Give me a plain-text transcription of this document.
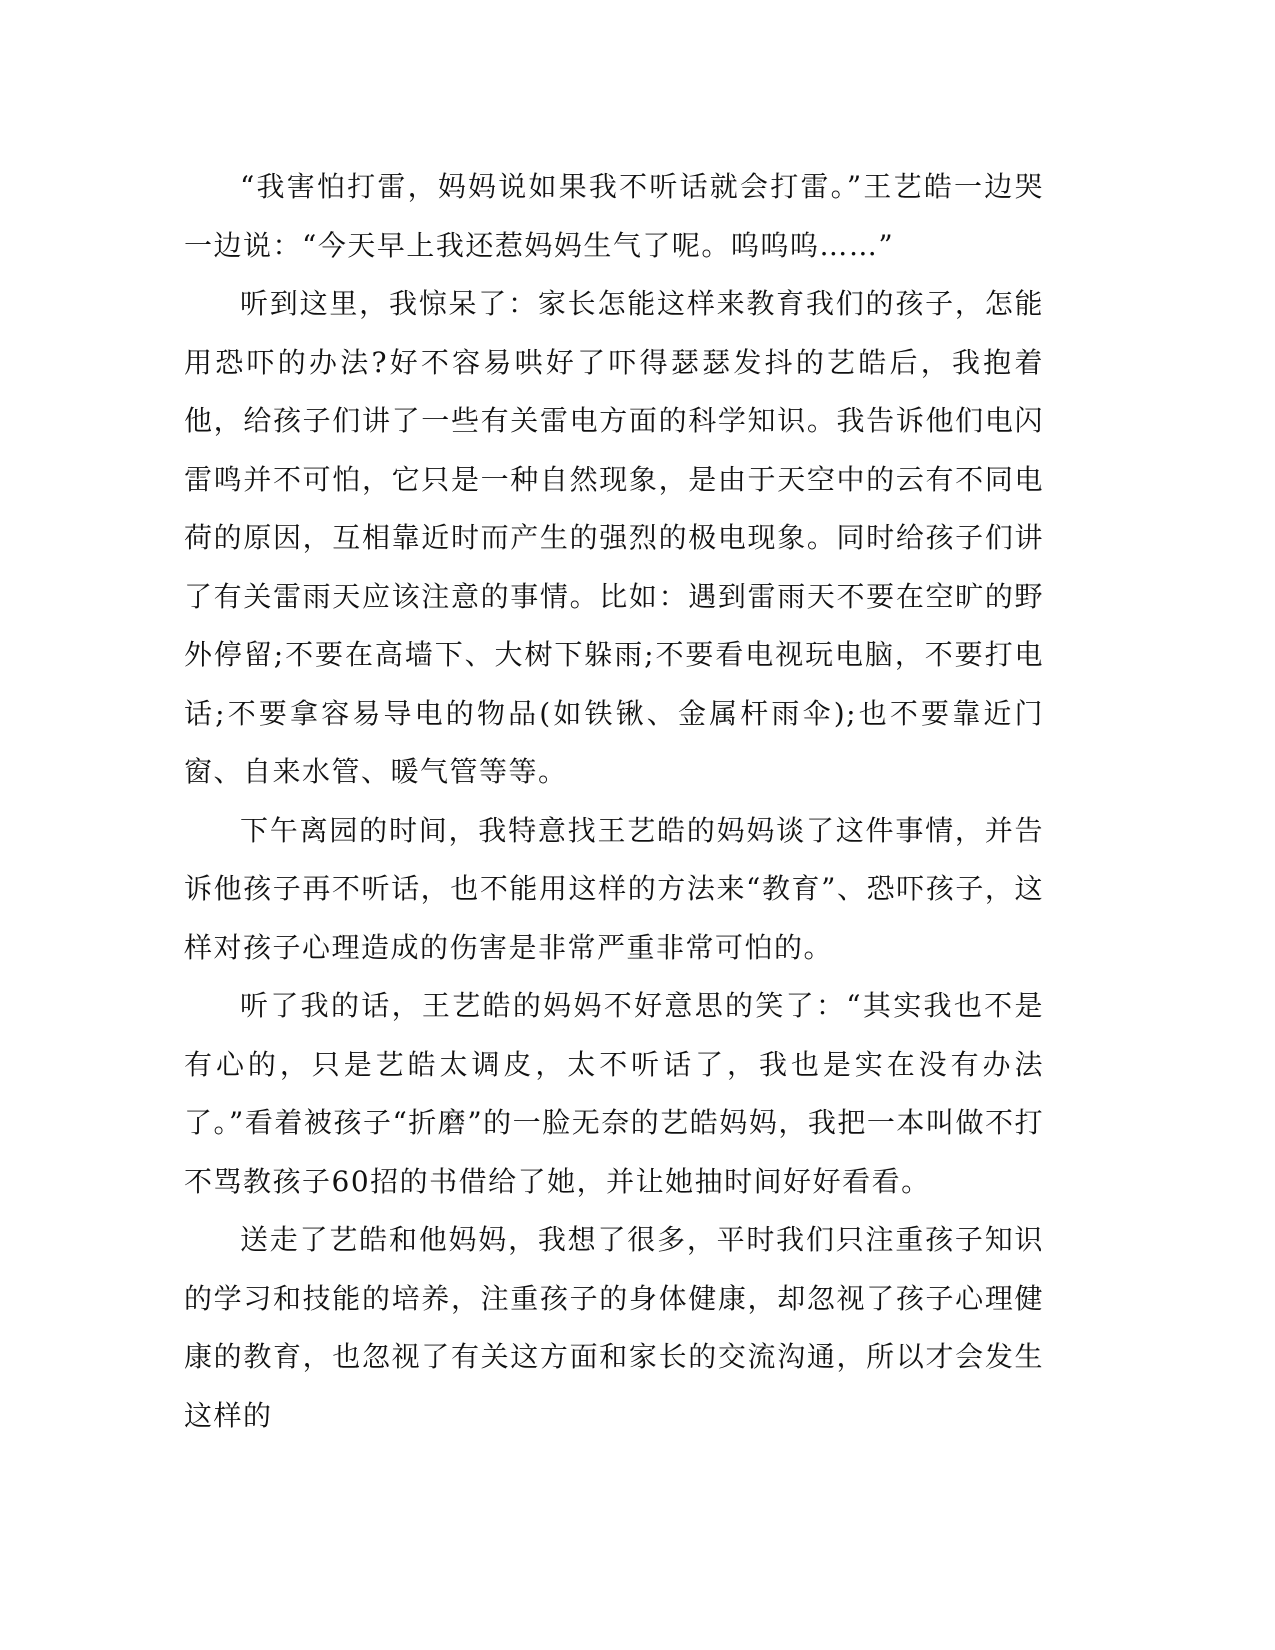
“我害怕打雷，妈妈说如果我不听话就会打雷。”王艺皓一边哭一边说：“今天早上我还惹妈妈生气了呢。呜呜呜……”

听到这里，我惊呆了：家长怎能这样来教育我们的孩子，怎能用恐吓的办法?好不容易哄好了吓得瑟瑟发抖的艺皓后，我抱着他，给孩子们讲了一些有关雷电方面的科学知识。我告诉他们电闪雷鸣并不可怕，它只是一种自然现象，是由于天空中的云有不同电荷的原因，互相靠近时而产生的强烈的极电现象。同时给孩子们讲了有关雷雨天应该注意的事情。比如：遇到雷雨天不要在空旷的野外停留;不要在高墙下、大树下躲雨;不要看电视玩电脑，不要打电话;不要拿容易导电的物品(如铁锹、金属杆雨伞);也不要靠近门窗、自来水管、暖气管等等。

下午离园的时间，我特意找王艺皓的妈妈谈了这件事情，并告诉他孩子再不听话，也不能用这样的方法来“教育”、恐吓孩子，这样对孩子心理造成的伤害是非常严重非常可怕的。

听了我的话，王艺皓的妈妈不好意思的笑了：“其实我也不是有心的，只是艺皓太调皮，太不听话了，我也是实在没有办法了。”看着被孩子“折磨”的一脸无奈的艺皓妈妈，我把一本叫做不打不骂教孩子60招的书借给了她，并让她抽时间好好看看。

送走了艺皓和他妈妈，我想了很多，平时我们只注重孩子知识的学习和技能的培养，注重孩子的身体健康，却忽视了孩子心理健康的教育，也忽视了有关这方面和家长的交流沟通，所以才会发生这样的
